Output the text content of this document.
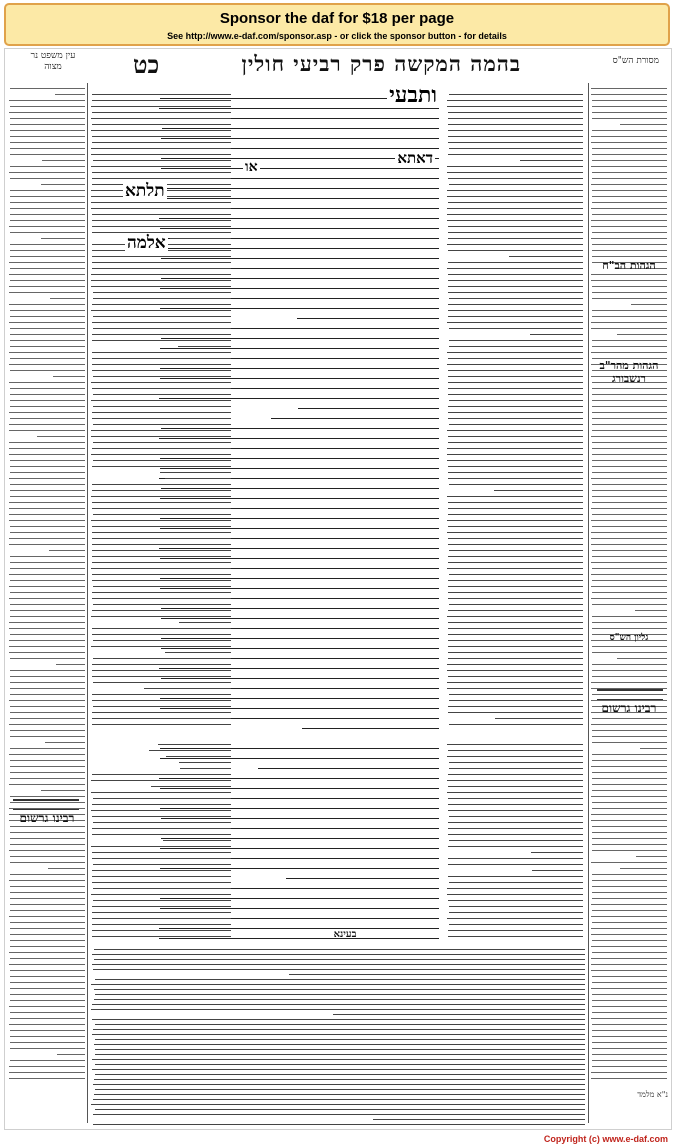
Sponsor the daf for $18 per page
See http://www.e-daf.com/sponsor.asp - or click the sponsor button - for details
מסורת הש"ס
בהמה המקשה פרק רביעי חולין
כט
עין משפט נר מצוה
הגהות הב"ח
הגהות מהר"ב רנשבורג
גליון הש"ס
רבינו גרשום
ותבעי
דאתא
או
תלתא
אלמה
רבינו גרשום
בעינא
נ"א מלמד
Copyright (c) www.e-daf.com
